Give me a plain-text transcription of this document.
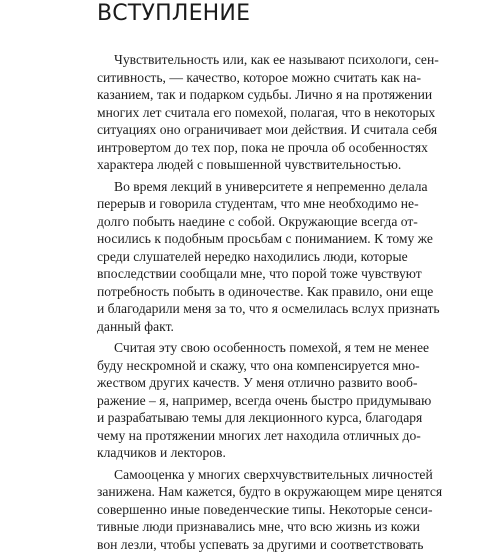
ВСТУПЛЕНИЕ
Чувствительность или, как ее называют психологи, сен-
ситивность, — качество, которое можно считать как на-
казанием, так и подарком судьбы. Лично я на протяжении
многих лет считала его помехой, полагая, что в некоторых
ситуациях оно ограничивает мои действия. И считала себя
интровертом до тех пор, пока не прочла об особенностях
характера людей с повышенной чувствительностью.
Во время лекций в университете я непременно делала
перерыв и говорила студентам, что мне необходимо не-
долго побыть наедине с собой. Окружающие всегда от-
носились к подобным просьбам с пониманием. К тому же
среди слушателей нередко находились люди, которые
впоследствии сообщали мне, что порой тоже чувствуют
потребность побыть в одиночестве. Как правило, они еще
и благодарили меня за то, что я осмелилась вслух признать
данный факт.
Считая эту свою особенность помехой, я тем не менее
буду нескромной и скажу, что она компенсируется мно-
жеством других качеств. У меня отлично развито вооб-
ражение – я, например, всегда очень быстро придумываю
и разрабатываю темы для лекционного курса, благодаря
чему на протяжении многих лет находила отличных до-
кладчиков и лекторов.
Самооценка у многих сверхчувствительных личностей
занижена. Нам кажется, будто в окружающем мире ценятся
совершенно иные поведенческие типы. Некоторые сенси-
тивные люди признавались мне, что всю жизнь из кожи
вон лезли, чтобы успевать за другими и соответствовать
